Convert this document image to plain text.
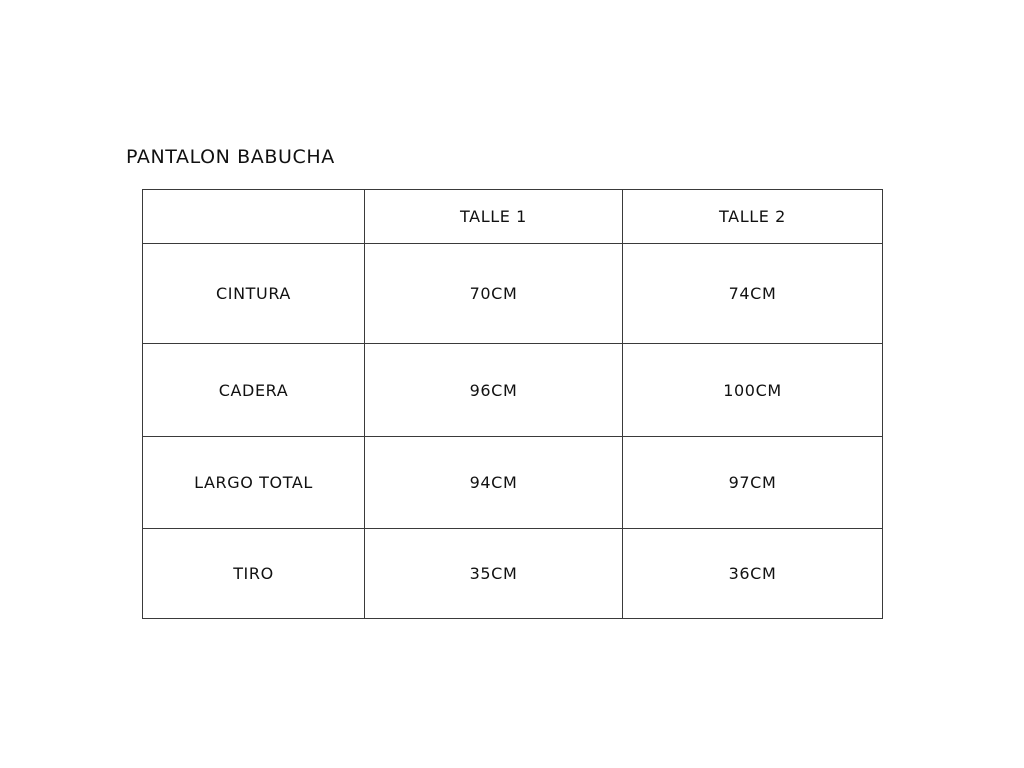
PANTALON BABUCHA
	TALLE 1	TALLE 2
CINTURA	70CM	74CM
CADERA	96CM	100CM
LARGO TOTAL	94CM	97CM
TIRO	35CM	36CM
